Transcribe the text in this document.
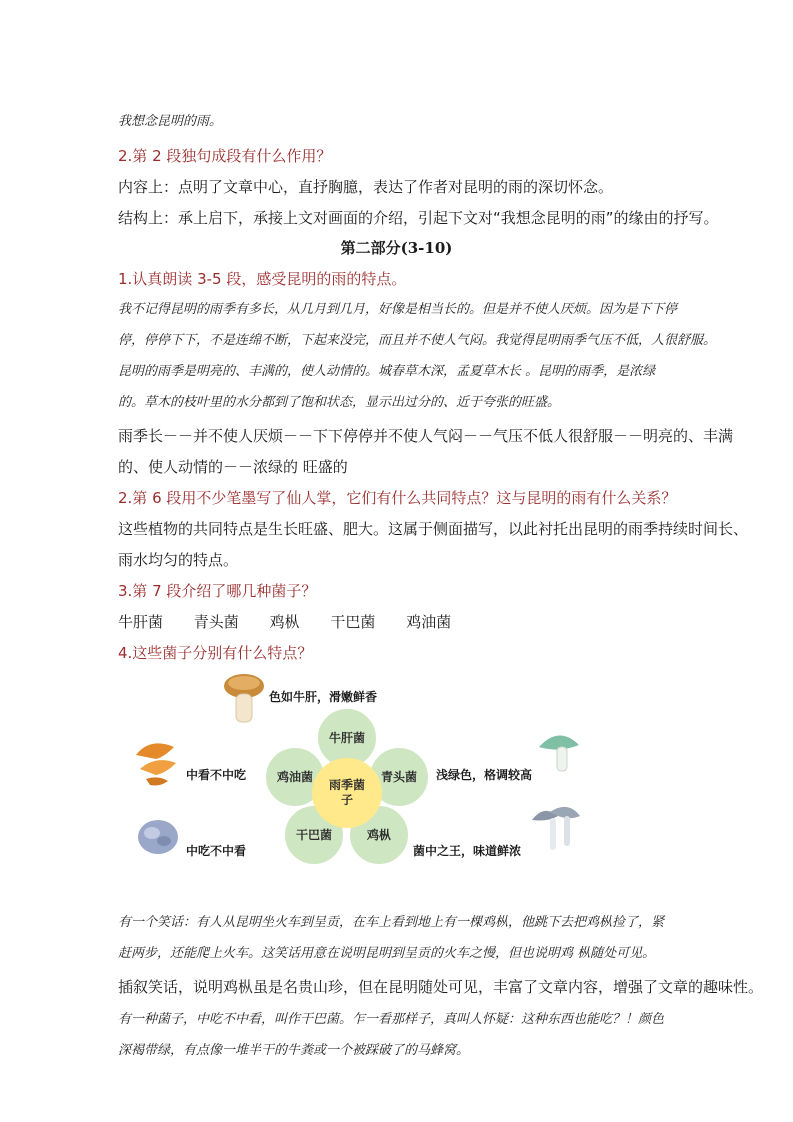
我想念昆明的雨。
2.第 2 段独句成段有什么作用？
内容上：点明了文章中心，直抒胸臆，表达了作者对昆明的雨的深切怀念。
结构上：承上启下，承接上文对画面的介绍，引起下文对“我想念昆明的雨”的缘由的抒写。
第二部分(3-10)
1.认真朗读 3-5 段，感受昆明的雨的特点。
我不记得昆明的雨季有多长，从几月到几月，好像是相当长的。但是并不使人厌烦。因为是下下停
停，停停下下，不是连绵不断，下起来没完，而且并不使人气闷。我觉得昆明雨季气压不低，人很舒服。
昆明的雨季是明亮的、丰满的，使人动情的。城春草木深，孟夏草木长 。昆明的雨季，是浓绿
的。草木的枝叶里的水分都到了饱和状态，显示出过分的、近于夸张的旺盛。
雨季长－－并不使人厌烦－－下下停停并不使人气闷－－气压不低人很舒服－－明亮的、丰满
的、使人动情的－－浓绿的 旺盛的
2.第 6 段用不少笔墨写了仙人掌，它们有什么共同特点？这与昆明的雨有什么关系？
这些植物的共同特点是生长旺盛、肥大。这属于侧面描写，以此衬托出昆明的雨季持续时间长、
雨水均匀的特点。
3.第 7 段介绍了哪几种菌子？
牛肝菌 青头菌 鸡枞 干巴菌 鸡油菌
4.这些菌子分别有什么特点？
牛肝菌
青头菌
鸡枞
干巴菌
鸡油菌
雨季菌子
色如牛肝，滑嫩鲜香
中看不中吃	浅绿色，格调较高
中吃不中看	菌中之王，味道鲜浓
有一个笑话：有人从昆明坐火车到呈贡，在车上看到地上有一棵鸡枞，他跳下去把鸡枞捡了，紧
赶两步，还能爬上火车。这笑话用意在说明昆明到呈贡的火车之慢，但也说明鸡 枞随处可见。
插叙笑话，说明鸡枞虽是名贵山珍，但在昆明随处可见，丰富了文章内容，增强了文章的趣味性。
有一种菌子，中吃不中看，叫作干巴菌。乍一看那样子，真叫人怀疑：这种东西也能吃？！颜色
深褐带绿，有点像一堆半干的牛粪或一个被踩破了的马蜂窝。
